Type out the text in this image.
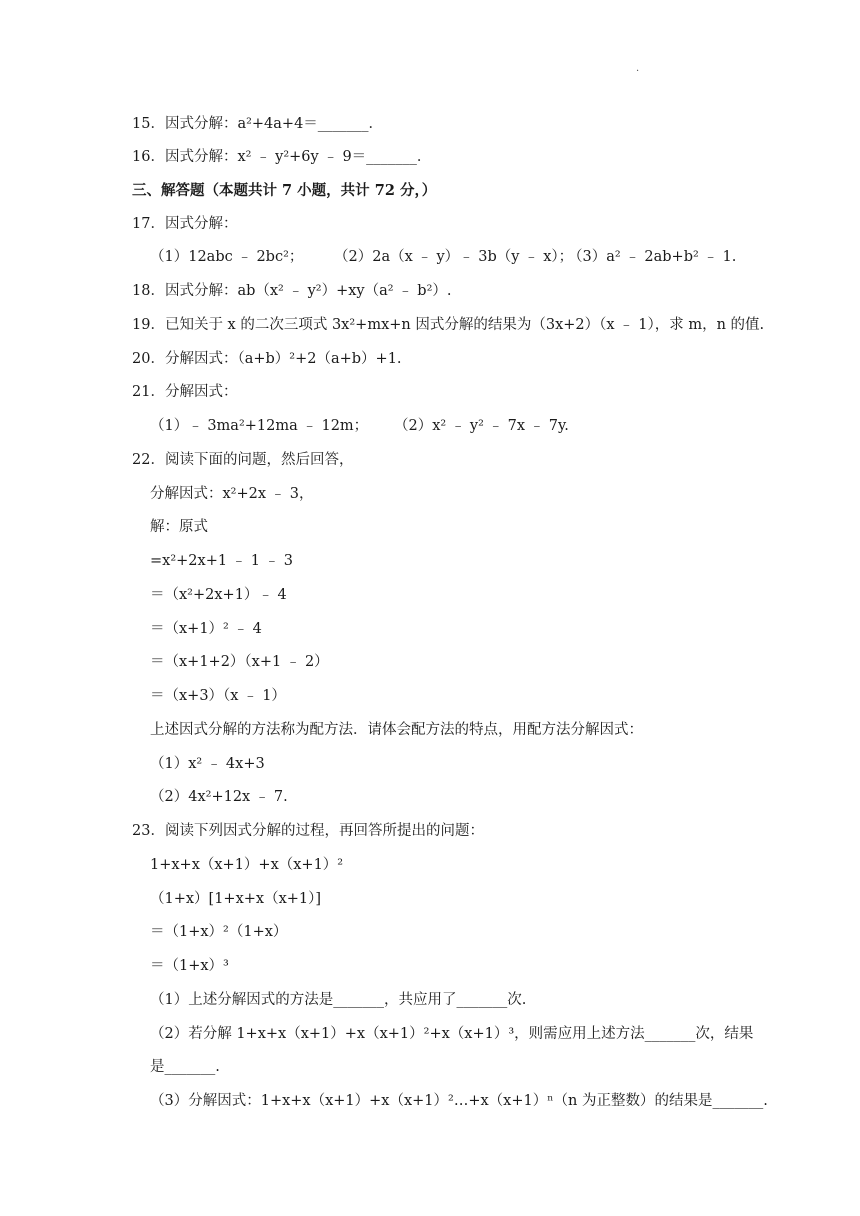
·
15．因式分解：a²+4a+4＝_______．
16．因式分解：x² ﹣ y²+6y ﹣ 9＝_______．
三、解答题（本题共计 7 小题，共计 72 分，）
17．因式分解：
（1）12abc ﹣ 2bc²； （2）2a（x ﹣ y）﹣ 3b（y ﹣ x）；
（3）a² ﹣ 2ab+b² ﹣ 1.
18．因式分解：ab（x² ﹣ y²）+xy（a² ﹣ b²）.
19．已知关于 x 的二次三项式 3x²+mx+n 因式分解的结果为（3x+2）（x ﹣ 1），求 m，n 的值.
20．分解因式：（a+b）²+2（a+b）+1.
21．分解因式：
（1）﹣ 3ma²+12ma ﹣ 12m； （2）x² ﹣ y² ﹣ 7x ﹣ 7y.
22．阅读下面的问题，然后回答，
分解因式：x²+2x ﹣ 3，
解：原式
=x²+2x+1 ﹣ 1 ﹣ 3
＝（x²+2x+1）﹣ 4
＝（x+1）² ﹣ 4
＝（x+1+2）（x+1 ﹣ 2）
＝（x+3）（x ﹣ 1）
上述因式分解的方法称为配方法．请体会配方法的特点，用配方法分解因式：
（1）x² ﹣ 4x+3
（2）4x²+12x ﹣ 7.
23．阅读下列因式分解的过程，再回答所提出的问题：
1+x+x（x+1）+x（x+1）²
（1+x）[1+x+x（x+1）]
＝（1+x）²（1+x）
＝（1+x）³
（1）上述分解因式的方法是_______，共应用了_______次.
（2）若分解 1+x+x（x+1）+x（x+1）²+x（x+1）³，则需应用上述方法_______次，结果
是_______.
（3）分解因式：1+x+x（x+1）+x（x+1）²…+x（x+1）ⁿ（n 为正整数）的结果是_______.
